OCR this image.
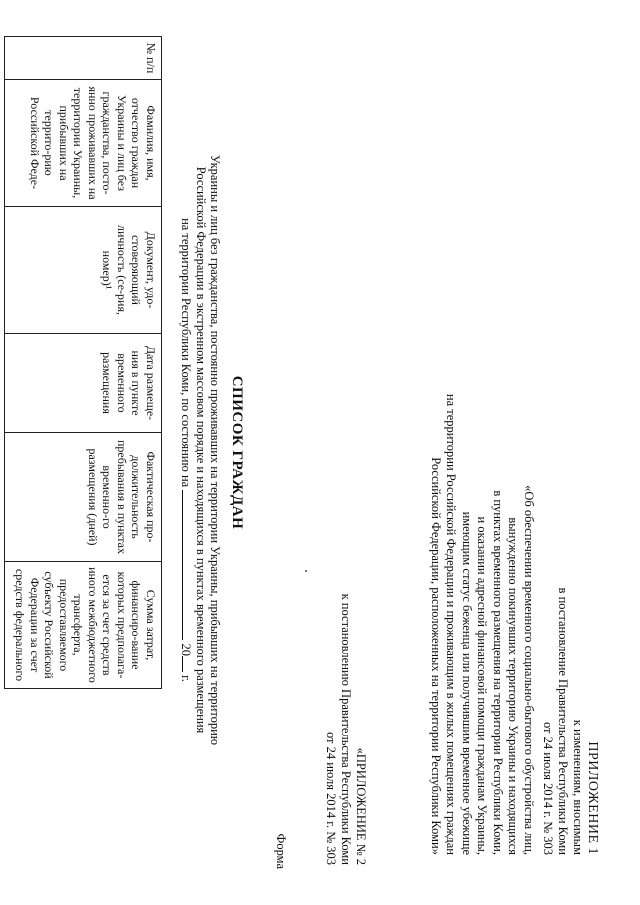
ПРИЛОЖЕНИЕ 1
к изменениям, вносимым
в постановление Правительства Республики Коми
от 24 июля 2014 г. № 303
«Об обеспечении временного социально-бытового обустройства лиц,
вынужденно покинувших территорию Украины и находящихся
в пунктах временного размещения на территории Республики Коми,
и оказании адресной финансовой помощи гражданам Украины,
имеющим статус беженца или получившим временное убежище
на территории Российской Федерации и проживающим в жилых помещениях граждан
Российской Федерации, расположенных на территории Республики Коми»
«ПРИЛОЖЕНИЕ № 2
к постановлению Правительства Республики Коми
от 24 июля 2014 г. № 303
Форма
СПИСОК ГРАЖДАН
Украины и лиц без гражданства, постоянно проживавших на территории Украины, прибывших на территорию
Российской Федерации в экстренном массовом порядке и находящихся в пунктах временного размещения
на территории Республики Коми, по состоянию на  20 г.
№ п/п	Фамилия, имя, отчество граждан Украины и лиц без гражданства, посто-янно проживавших на территории Украины, прибывших на террито-рию Российской Феде-	Документ, удо-стоверяющий личность (се-рия, номер)¹	Дата размеще-ния в пункте временного размещения	Фактическая про-должительность пребывания в пунктах временно-го размещения (дней)	Сумма затрат, финансиро-вание которых предполага-ется за счет средств иного межбюджетного трансферта, предоставляемого субъекту Российской Федерации за счет средств федерального
